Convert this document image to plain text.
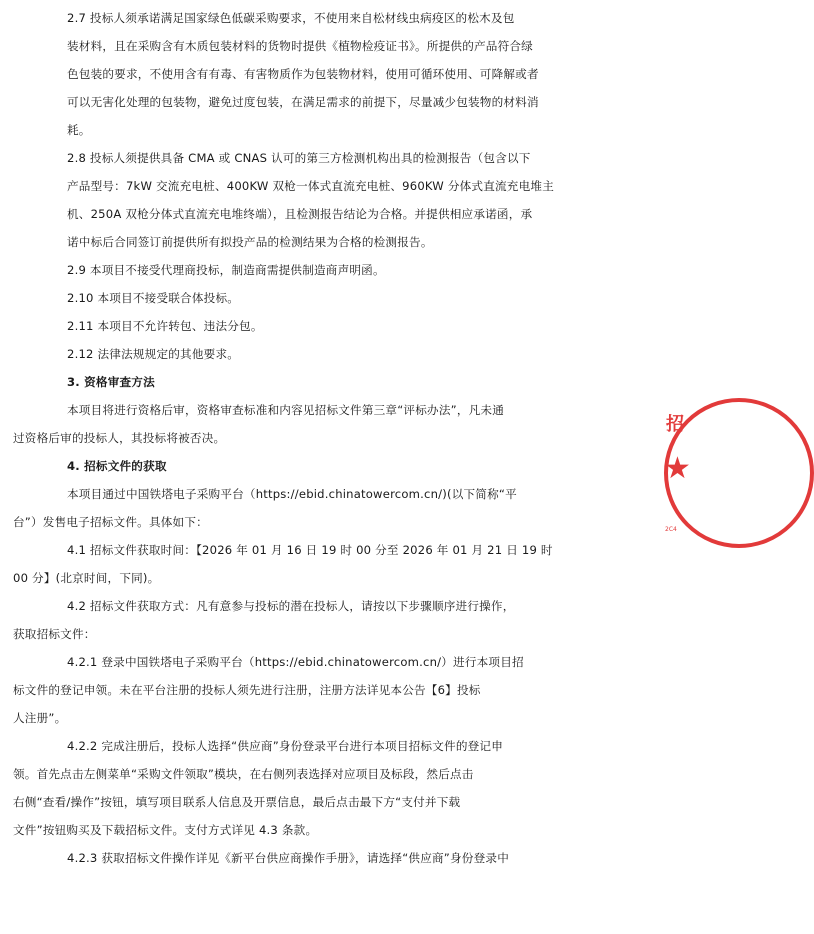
2.7 投标人须承诺满足国家绿色低碳采购要求，不使用来自松材线虫病疫区的松木及包
装材料，且在采购含有木质包装材料的货物时提供《植物检疫证书》。所提供的产品符合绿
色包装的要求，不使用含有有毒、有害物质作为包装物材料，使用可循环使用、可降解或者
可以无害化处理的包装物，避免过度包装，在满足需求的前提下，尽量减少包装物的材料消
耗。

2.8 投标人须提供具备 CMA 或 CNAS 认可的第三方检测机构出具的检测报告（包含以下
产品型号：7kW 交流充电桩、400KW 双枪一体式直流充电桩、960KW 分体式直流充电堆主
机、250A 双枪分体式直流充电堆终端），且检测报告结论为合格。并提供相应承诺函，承
诺中标后合同签订前提供所有拟投产品的检测结果为合格的检测报告。

2.9 本项目不接受代理商投标，制造商需提供制造商声明函。

2.10 本项目不接受联合体投标。

2.11 本项目不允许转包、违法分包。

2.12 法律法规规定的其他要求。

3. 资格审查方法

本项目将进行资格后审，资格审查标准和内容见招标文件第三章“评标办法”，凡未通
过资格后审的投标人，其投标将被否决。

4. 招标文件的获取

本项目通过中国铁塔电子采购平台（https://ebid.chinatowercom.cn/)(以下简称“平
台”）发售电子招标文件。具体如下：

4.1 招标文件获取时间：【2026 年 01 月 16 日 19 时 00 分至 2026 年 01 月 21 日 19 时
00 分】(北京时间，下同)。

4.2 招标文件获取方式：凡有意参与投标的潜在投标人，请按以下步骤顺序进行操作，
获取招标文件：

4.2.1 登录中国铁塔电子采购平台（https://ebid.chinatowercom.cn/）进行本项目招
标文件的登记申领。未在平台注册的投标人须先进行注册，注册方法详见本公告【6】投标
人注册”。

4.2.2 完成注册后，投标人选择“供应商”身份登录平台进行本项目招标文件的登记申
领。首先点击左侧菜单“采购文件领取”模块，在右侧列表选择对应项目及标段，然后点击
右侧“查看/操作”按钮，填写项目联系人信息及开票信息，最后点击最下方“支付并下载
文件”按钮购买及下载招标文件。支付方式详见 4.3 条款。

4.2.3 获取招标文件操作详见《新平台供应商操作手册》，请选择“供应商”身份登录中

招
★
2C4
